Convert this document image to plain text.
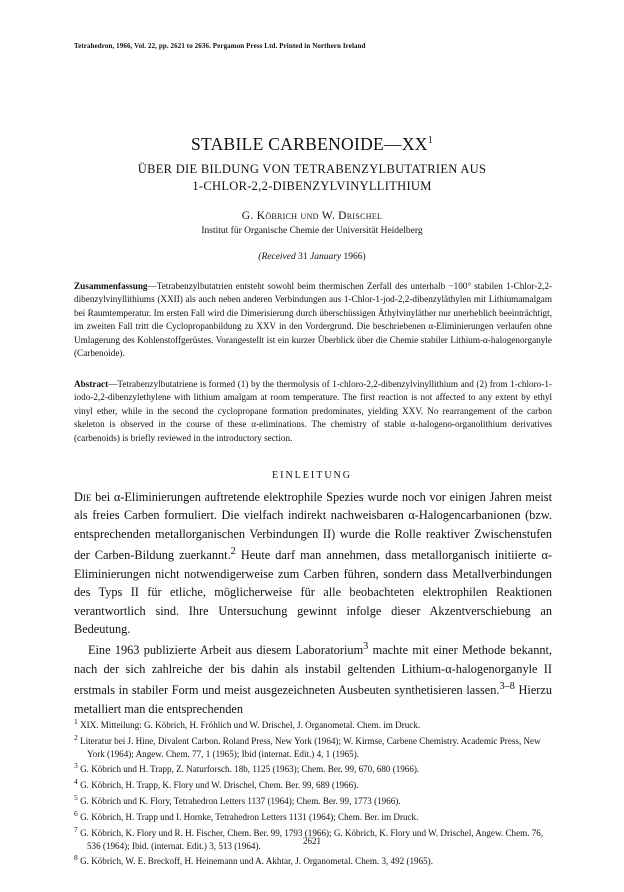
Tetrahedron, 1966, Vol. 22, pp. 2621 to 2636. Pergamon Press Ltd. Printed in Northern Ireland
STABILE $CARBENOIDE—XX^1$
ÜBER DIE BILDUNG VON TETRABENZYLBUTATRIEN AUS
1-CHLOR-2,2-DIBENZYLVINYLLITHIUM
G. Köbrich und W. Drischel
Institut für Organische Chemie der Universität Heidelberg
(Received 31 January 1966)
Zusammenfassung—Tetrabenzylbutatrien entsteht sowohl beim thermischen Zerfall des unterhalb −100° stabilen 1-Chlor-2,2-dibenzylvinyllithiums (XXII) als auch neben anderen Verbindungen aus 1-Chlor-1-jod-2,2-dibenzyläthylen mit Lithiumamalgam bei Raumtemperatur. Im ersten Fall wird die Dimerisierung durch überschüssigen Äthylvinyläther nur unerheblich beeinträchtigt, im zweiten Fall tritt die Cyclopropanbildung zu XXV in den Vordergrund. Die beschriebenen α-Eliminierungen verlaufen ohne Umlagerung des Kohlenstoffgerüstes. Vorangestellt ist ein kurzer Überblick über die Chemie stabiler Lithium-α-halogenorganyle (Carbenoide).
Abstract—Tetrabenzylbutatriene is formed (1) by the thermolysis of 1-chloro-2,2-dibenzylvinyllithium and (2) from 1-chloro-1-iodo-2,2-dibenzylethylene with lithium amalgam at room temperature. The first reaction is not affected to any extent by ethyl vinyl ether, while in the second the cyclopropane formation predominates, yielding XXV. No rearrangement of the carbon skeleton is observed in the course of these α-eliminations. The chemistry of stable α-halogeno-organolithium derivatives (carbenoids) is briefly reviewed in the introductory section.
EINLEITUNG

Die bei α-Eliminierungen auftretende elektrophile Spezies wurde noch vor einigen Jahren meist als freies Carben formuliert. Die vielfach indirekt nachweisbaren α-Halogencarbanionen (bzw. entsprechenden metallorganischen Verbindungen II) wurde die Rolle reaktiver Zwischenstufen der Carben-Bildung zuerkannt.$^2$ Heute darf man annehmen, dass metallorganisch initiierte α-Eliminierungen nicht notwendigerweise zum Carben führen, sondern dass Metallverbindungen des Typs II für etliche, möglicherweise für alle beobachteten elektrophilen Reaktionen verantwortlich sind. Ihre Untersuchung gewinnt infolge dieser Akzentverschiebung an Bedeutung.

Eine 1963 publizierte Arbeit aus diesem Laboratorium$^3$ machte mit einer Methode bekannt, nach der sich zahlreiche der bis dahin als instabil geltenden Lithium-α-halogenorganyle II erstmals in stabiler Form und meist ausgezeichneten Ausbeuten synthetisieren lassen.$^{3-8}$ Hierzu metalliert man die entsprechenden

$^1$ XIX. Mitteilung: G. Köbrich, H. Fröhlich und W. Drischel, J. Organometal. Chem. im Druck.
$^2$ Literatur bei J. Hine, Divalent Carbon. Roland Press, New York (1964); W. Kirmse, Carbene Chemistry. Academic Press, New York (1964); Angew. Chem. 77, 1 (1965); Ibid (internat. Edit.) 4, 1 (1965).
$^3$ G. Köbrich und H. Trapp, Z. Naturforsch. 18b, 1125 (1963); Chem. Ber. 99, 670, 680 (1966).
$^4$ G. Köbrich, H. Trapp, K. Flory und W. Drischel, Chem. Ber. 99, 689 (1966).
$^5$ G. Köbrich und K. Flory, Tetrahedron Letters 1137 (1964); Chem. Ber. 99, 1773 (1966).
$^6$ G. Köbrich, H. Trapp und I. Hornke, Tetrahedron Letters 1131 (1964); Chem. Ber. im Druck.
$^7$ G. Köbrich, K. Flory und R. H. Fischer, Chem. Ber. 99, 1793 (1966); G. Köbrich, K. Flory und W. Drischel, Angew. Chem. 76, 536 (1964); Ibid. (internat. Edit.) 3, 513 (1964).
$^8$ G. Köbrich, W. E. Breckoff, H. Heinemann und A. Akhtar, J. Organometal. Chem. 3, 492 (1965).
2621
